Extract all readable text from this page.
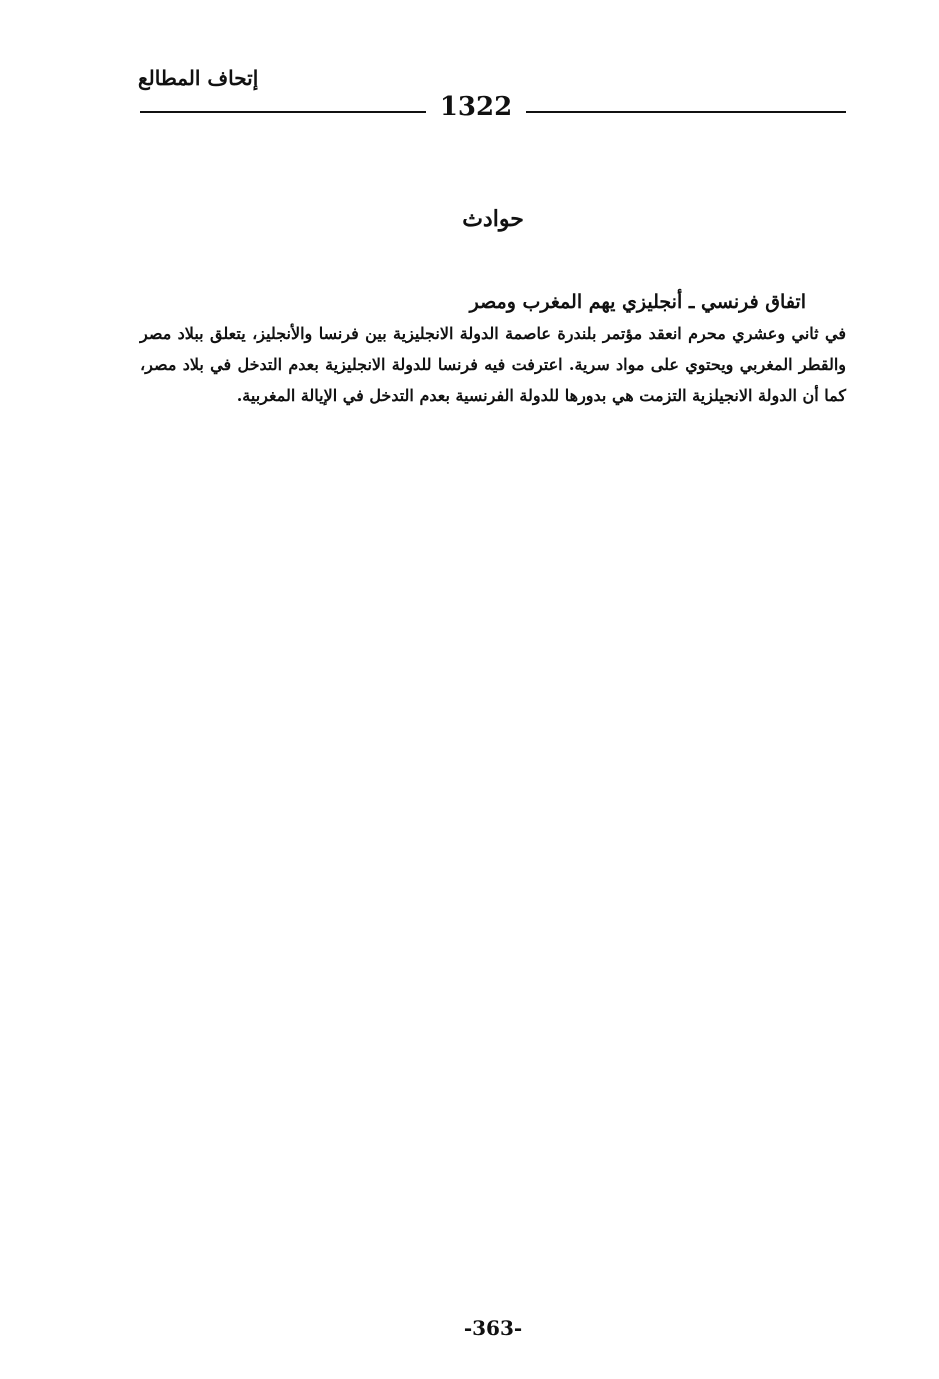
إتحاف المطالع
1322
حوادث

اتفاق فرنسي ـ أنجليزي يهم المغرب ومصر

في ثاني وعشري محرم انعقد مؤتمر بلندرة عاصمة الدولة الانجليزية بين فرنسا والأنجليز، يتعلق ببلاد مصر والقطر المغربي ويحتوي على مواد سرية. اعترفت فيه فرنسا للدولة الانجليزية بعدم التدخل في بلاد مصر، كما أن الدولة الانجيلزية التزمت هي بدورها للدولة الفرنسية بعدم التدخل في الإيالة المغربية.

-363-
